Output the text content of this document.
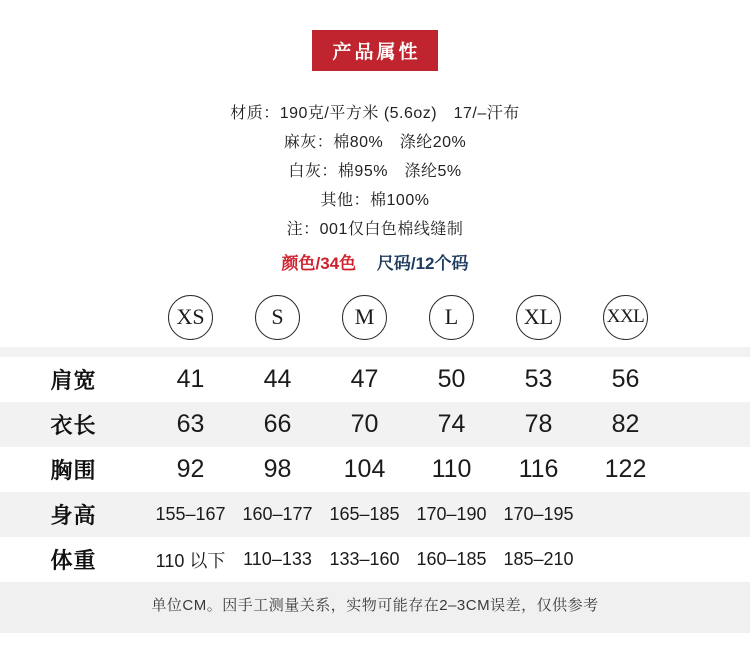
产品属性

材质：190克/平方米 (5.6oz)　17/–汗布

麻灰：棉80%　涤纶20%

白灰：棉95%　涤纶5%

其他：棉100%

注：001仅白色棉线缝制

颜色/34色 尺码/12个码
XS	S	M	L	XL	XXL
肩宽	41	44	47	50	53	56
衣长	63	66	70	74	78	82
胸围	92	98	104	110	116	122
身高	155–167 160–177 165–185 170–190 170–195
体重	110 以下 110–133 133–160 160–185 185–210

单位CM。因手工测量关系，实物可能存在2–3CM误差，仅供参考
